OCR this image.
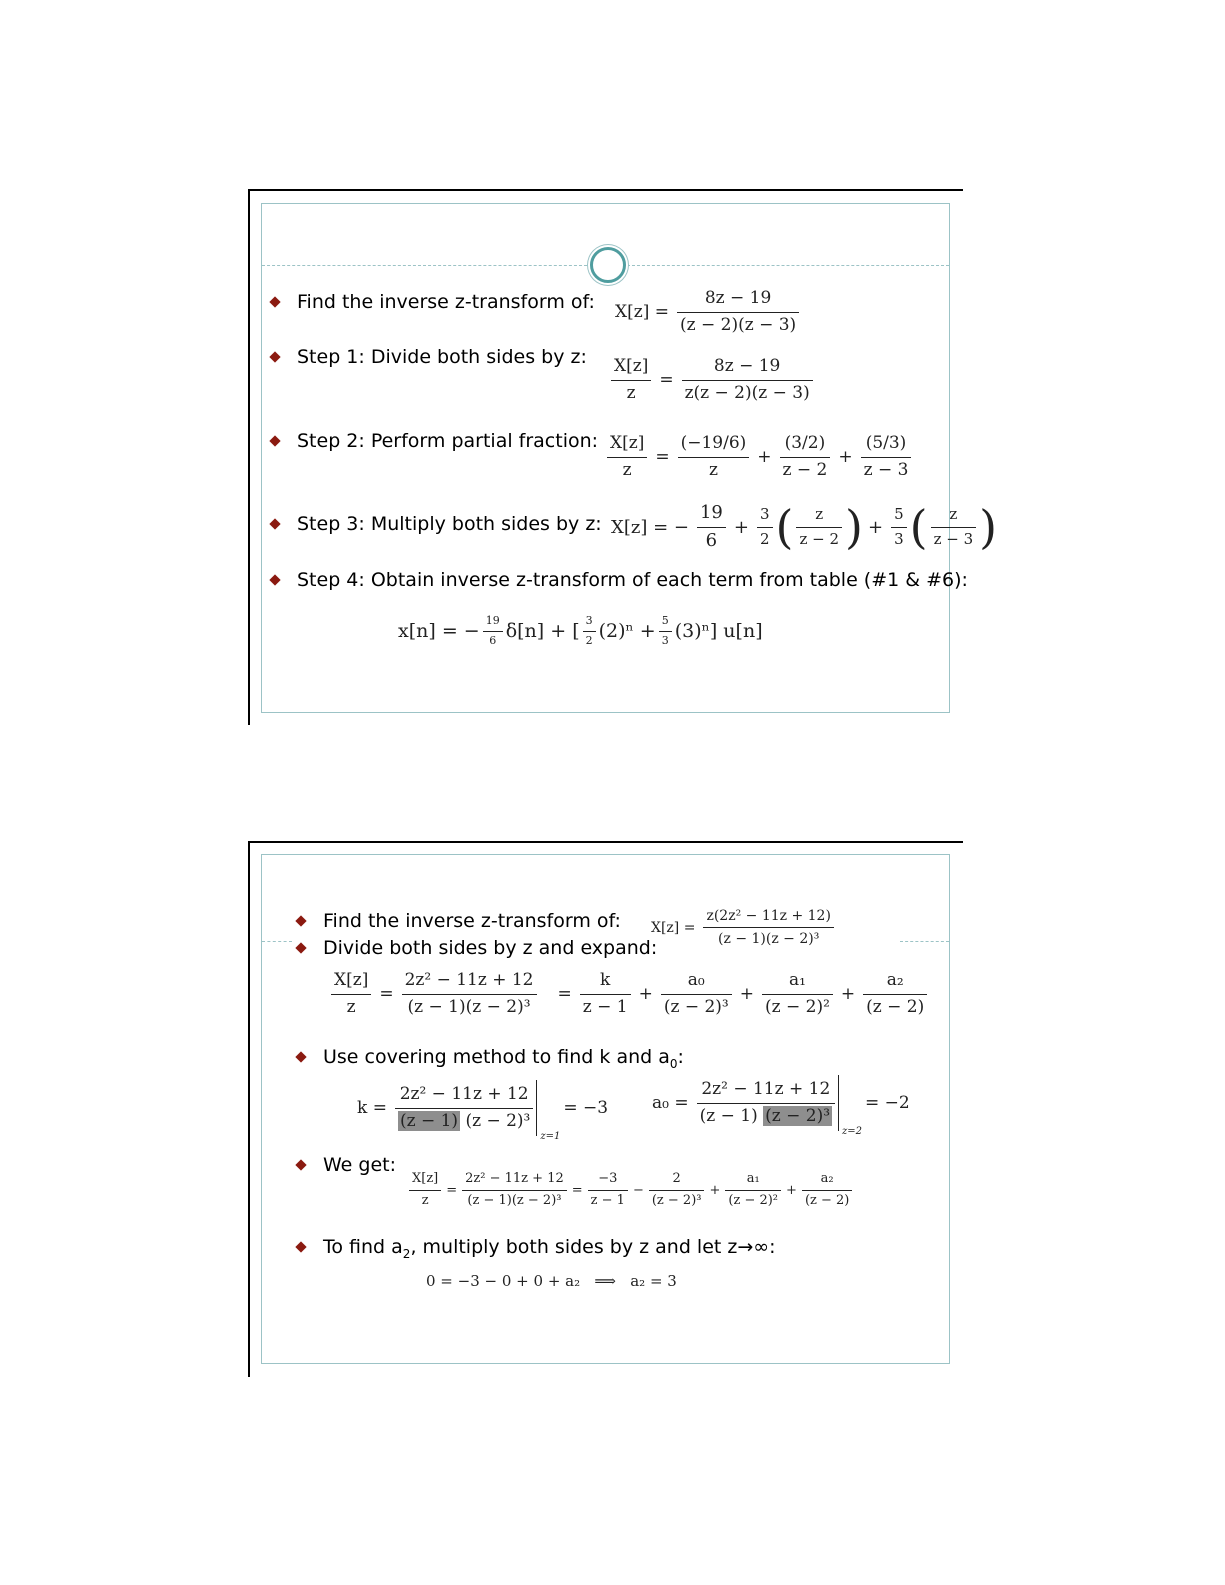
Find the inverse z-transform of:
Step 1: Divide both sides by z:
Step 2: Perform partial fraction:
Step 3: Multiply both sides by z:
Step 4: Obtain inverse z-transform of each term from table (#1 & #6):
$X[z] = \frac{8z - 19}{(z - 2)(z - 3)}$
$\frac{X[z]}{z} = \frac{8z - 19}{z(z - 2)(z - 3)}$
$\frac{X[z]}{z} = \frac{(-19/6)}{z} + \frac{(3/2)}{z - 2} + \frac{(5/3)}{z - 3}$
X[z] = − $\frac{19}{6} + \frac{3}{2}$ ( $\frac{z}{z - 2}$ ) + $\frac{5}{3}$ ( $\frac{z}{z - 3}$ )
x[n] = − $\frac{19}{6} \delta[n]$ + [ $\frac{3}{2} (2)^n + \frac{5}{3} (3)^n$] u[n]
Find the inverse z-transform of:
Divide both sides by z and expand:
Use covering method to find k and $a_0$:
We get:
To find $a_2$, multiply both sides by z and let z→∞:
$X[z] = \frac{\text{z(2z² − 11z + 12)}}{\text{(z − 1)(z − 2)³}}$
$\frac{X[z]}{z} = \frac{\text{2z² − 11z + 12}}{\text{(z − 1)(z − 2)³}} = \frac{k}{z - 1} + \frac{\text{a₀}}{\text{(z − 2)³}} + \frac{\text{a₁}}{\text{(z − 2)²}} + \frac{\text{a₂}}{(z - 2)}$
$k = \frac{\text{2z² − 11z + 12}}{\text{(z − 1) (z − 2)³}}$
z=1
= −3	$a_0 = \frac{\text{2z² − 11z + 12}}{\text{(z − 1) (z − 2)³}}$
z=2
= −2
$\frac{X[z]}{z} = \frac{\text{2z² − 11z + 12}}{\text{(z − 1)(z − 2)³}} = \frac{-3}{z - 1} - \frac{2}{\text{(z − 2)³}} + \frac{\text{a₁}}{\text{(z − 2)²}} + \frac{\text{a₂}}{(z - 2)}$
0 = −3 − 0 + 0 + a₂   ⟹   a₂ = 3
